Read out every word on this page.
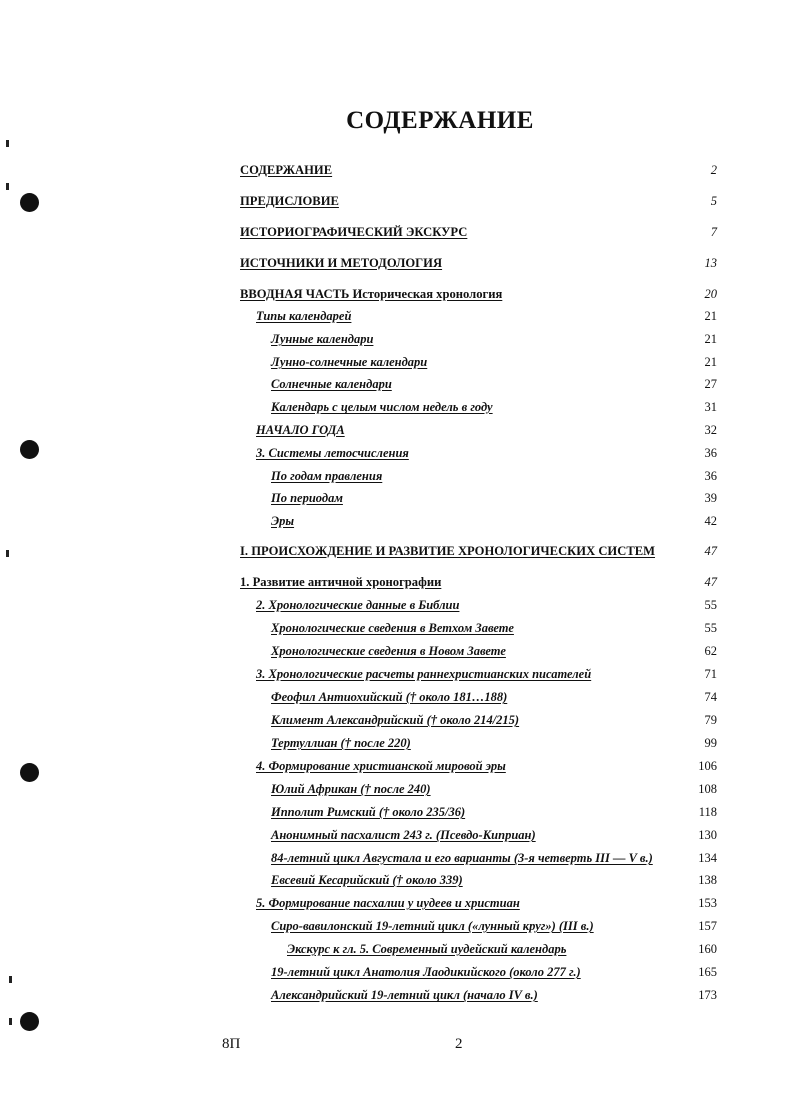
СОДЕРЖАНИЕ
СОДЕРЖАНИЕ	2
ПРЕДИСЛОВИЕ	5
ИСТОРИОГРАФИЧЕСКИЙ ЭКСКУРС	7
ИСТОЧНИКИ И МЕТОДОЛОГИЯ	13
ВВОДНАЯ ЧАСТЬ Историческая хронология	20
Типы календарей	21
Лунные календари	21
Лунно-солнечные календари	21
Солнечные календари	27
Календарь с целым числом недель в году	31
НАЧАЛО ГОДА	32
3. Системы летосчисления	36
По годам правления	36
По периодам	39
Эры	42
I. ПРОИСХОЖДЕНИЕ И РАЗВИТИЕ ХРОНОЛОГИЧЕСКИХ СИСТЕМ	47
1. Развитие античной хронографии	47
2. Хронологические данные в Библии	55
Хронологические сведения в Ветхом Завете	55
Хронологические сведения в Новом Завете	62
3. Хронологические расчеты раннехристианских писателей	71
Феофил Антиохийский († около 181…188)	74
Климент Александрийский († около 214/215)	79
Тертуллиан († после 220)	99
4. Формирование христианской мировой эры	106
Юлий Африкан († после 240)	108
Ипполит Римский († около 235/36)	118
Анонимный пасхалист 243 г. (Псевдо-Киприан)	130
84-летний цикл Августала и его варианты (3-я четверть III — V в.)	134
Евсевий Кесарийский († около 339)	138
5. Формирование пасхалии у иудеев и христиан	153
Сиро-вавилонский 19-летний цикл («лунный круг») (III в.)	157
Экскурс к гл. 5. Современный иудейский календарь	160
19-летний цикл Анатолия Лаодикийского (около 277 г.)	165
Александрийский 19-летний цикл (начало IV в.)	173
8П	2
